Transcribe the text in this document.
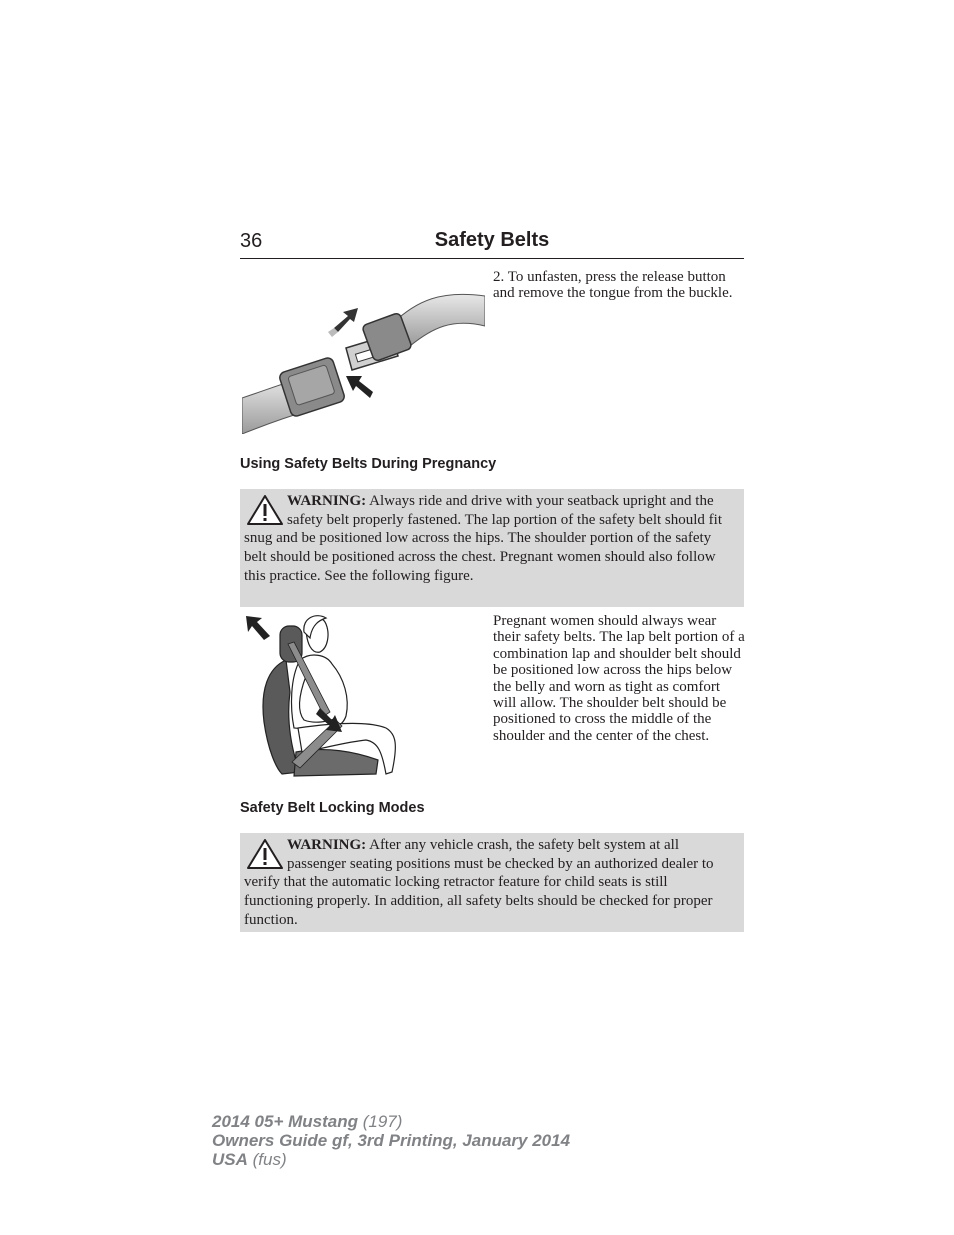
36	Safety Belts
2. To unfasten, press the release button and remove the tongue from the buckle.
Using Safety Belts During Pregnancy
WARNING: Always ride and drive with your seatback upright and the safety belt properly fastened. The lap portion of the safety belt should fit snug and be positioned low across the hips. The shoulder portion of the safety belt should be positioned across the chest. Pregnant women should also follow this practice. See the following figure.
Pregnant women should always wear their safety belts. The lap belt portion of a combination lap and shoulder belt should be positioned low across the hips below the belly and worn as tight as comfort will allow. The shoulder belt should be positioned to cross the middle of the shoulder and the center of the chest.
Safety Belt Locking Modes
WARNING: After any vehicle crash, the safety belt system at all passenger seating positions must be checked by an authorized dealer to verify that the automatic locking retractor feature for child seats is still functioning properly. In addition, all safety belts should be checked for proper function.
2014 05+ Mustang (197)
Owners Guide gf, 3rd Printing, January 2014
USA (fus)
